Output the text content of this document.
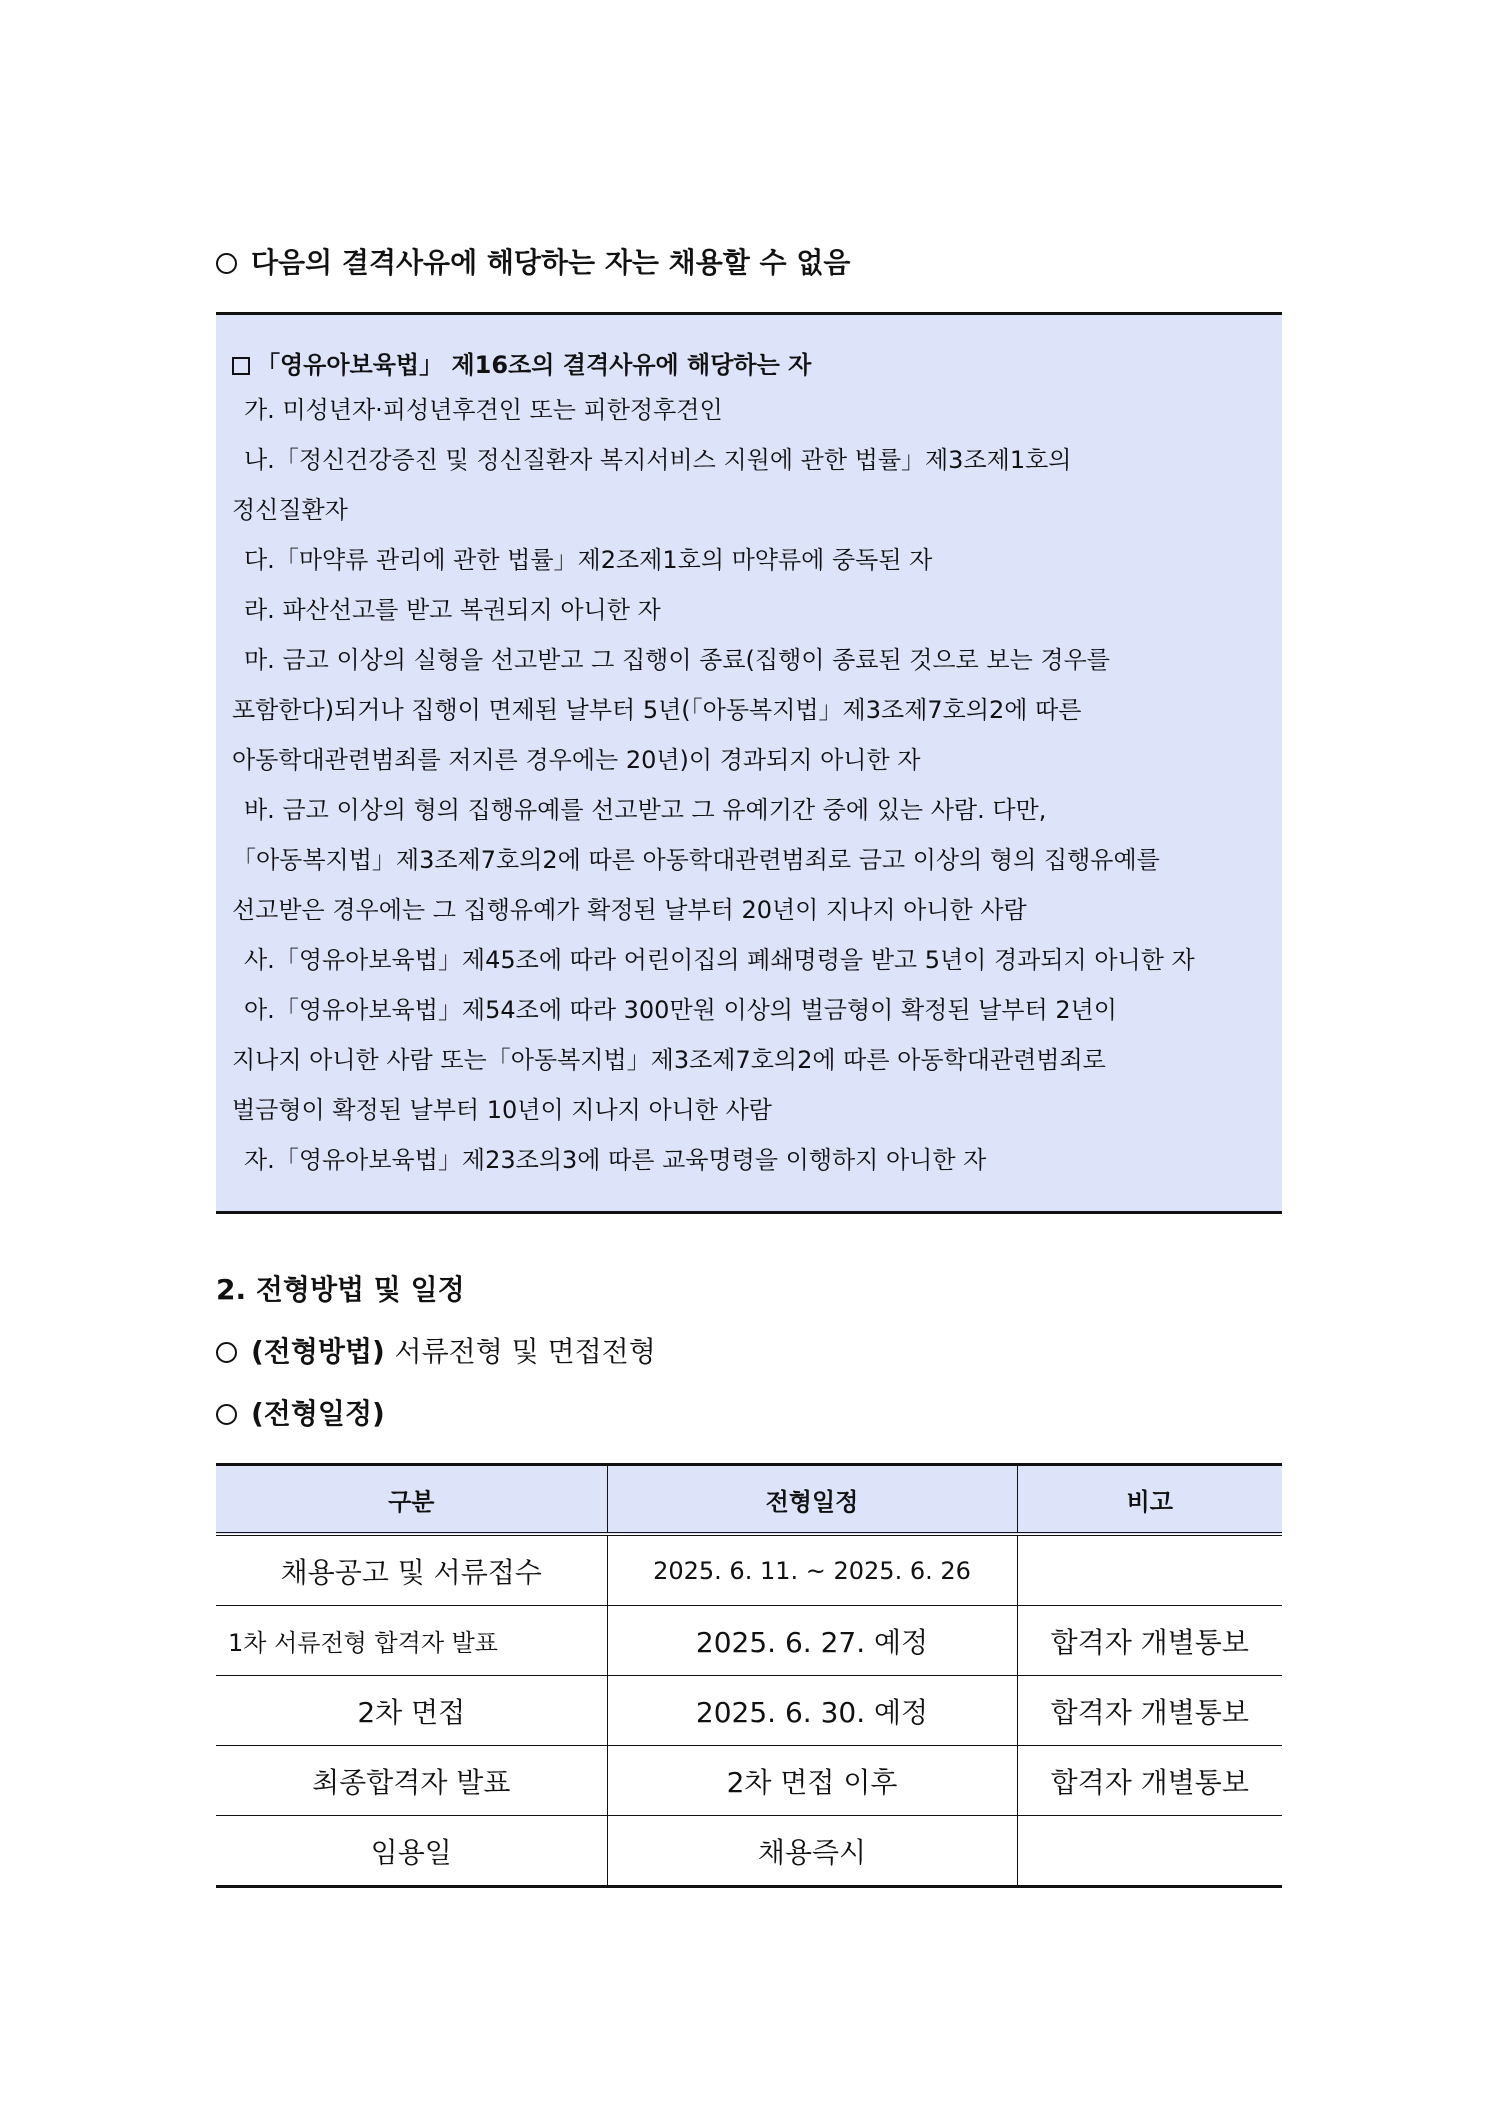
다음의 결격사유에 해당하는 자는 채용할 수 없음
「영유아보육법」 제16조의 결격사유에 해당하는 자
가. 미성년자·피성년후견인 또는 피한정후견인
나.「정신건강증진 및 정신질환자 복지서비스 지원에 관한 법률」제3조제1호의
정신질환자
다.「마약류 관리에 관한 법률」제2조제1호의 마약류에 중독된 자
라. 파산선고를 받고 복권되지 아니한 자
마. 금고 이상의 실형을 선고받고 그 집행이 종료(집행이 종료된 것으로 보는 경우를
포함한다)되거나 집행이 면제된 날부터 5년(「아동복지법」제3조제7호의2에 따른
아동학대관련범죄를 저지른 경우에는 20년)이 경과되지 아니한 자
바. 금고 이상의 형의 집행유예를 선고받고 그 유예기간 중에 있는 사람. 다만,
「아동복지법」제3조제7호의2에 따른 아동학대관련범죄로 금고 이상의 형의 집행유예를
선고받은 경우에는 그 집행유예가 확정된 날부터 20년이 지나지 아니한 사람
사.「영유아보육법」제45조에 따라 어린이집의 폐쇄명령을 받고 5년이 경과되지 아니한 자
아.「영유아보육법」제54조에 따라 300만원 이상의 벌금형이 확정된 날부터 2년이
지나지 아니한 사람 또는「아동복지법」제3조제7호의2에 따른 아동학대관련범죄로
벌금형이 확정된 날부터 10년이 지나지 아니한 사람
자.「영유아보육법」제23조의3에 따른 교육명령을 이행하지 아니한 자
2. 전형방법 및 일정
(전형방법) 서류전형 및 면접전형
(전형일정)
구분	전형일정	비고
채용공고 및 서류접수	2025. 6. 11. ~ 2025. 6. 26	
1차 서류전형 합격자 발표	2025. 6. 27. 예정	합격자 개별통보
2차 면접	2025. 6. 30. 예정	합격자 개별통보
최종합격자 발표	2차 면접 이후	합격자 개별통보
임용일	채용즉시	
